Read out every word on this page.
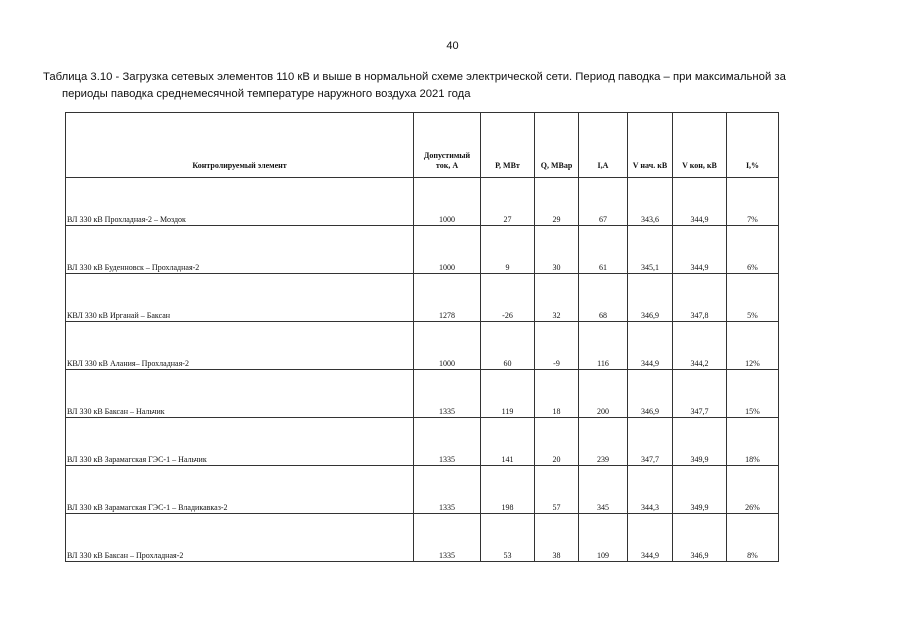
40
Таблица 3.10 - Загрузка сетевых элементов 110 кВ и выше в нормальной схеме электрической сети. Период паводка – при максимальной за
периоды паводка среднемесячной температуре наружного воздуха 2021 года
Контролируемый элемент	Допустимый ток, А	Р, МВт	Q, МВар	I,А	V нач. кВ	V кон, кВ	I,%
ВЛ 330 кВ Прохладная-2 – Моздок	1000	27	29	67	343,6	344,9	7%
ВЛ 330 кВ Буденновск – Прохладная-2	1000	9	30	61	345,1	344,9	6%
КВЛ 330 кВ Ирганай – Баксан	1278	-26	32	68	346,9	347,8	5%
КВЛ 330 кВ Алания– Прохладная-2	1000	60	-9	116	344,9	344,2	12%
ВЛ 330 кВ Баксан – Нальчик	1335	119	18	200	346,9	347,7	15%
ВЛ 330 кВ Зарамагская ГЭС-1 – Нальчик	1335	141	20	239	347,7	349,9	18%
ВЛ 330 кВ Зарамагская ГЭС-1 – Владикавказ-2	1335	198	57	345	344,3	349,9	26%
ВЛ 330 кВ Баксан – Прохладная-2	1335	53	38	109	344,9	346,9	8%
